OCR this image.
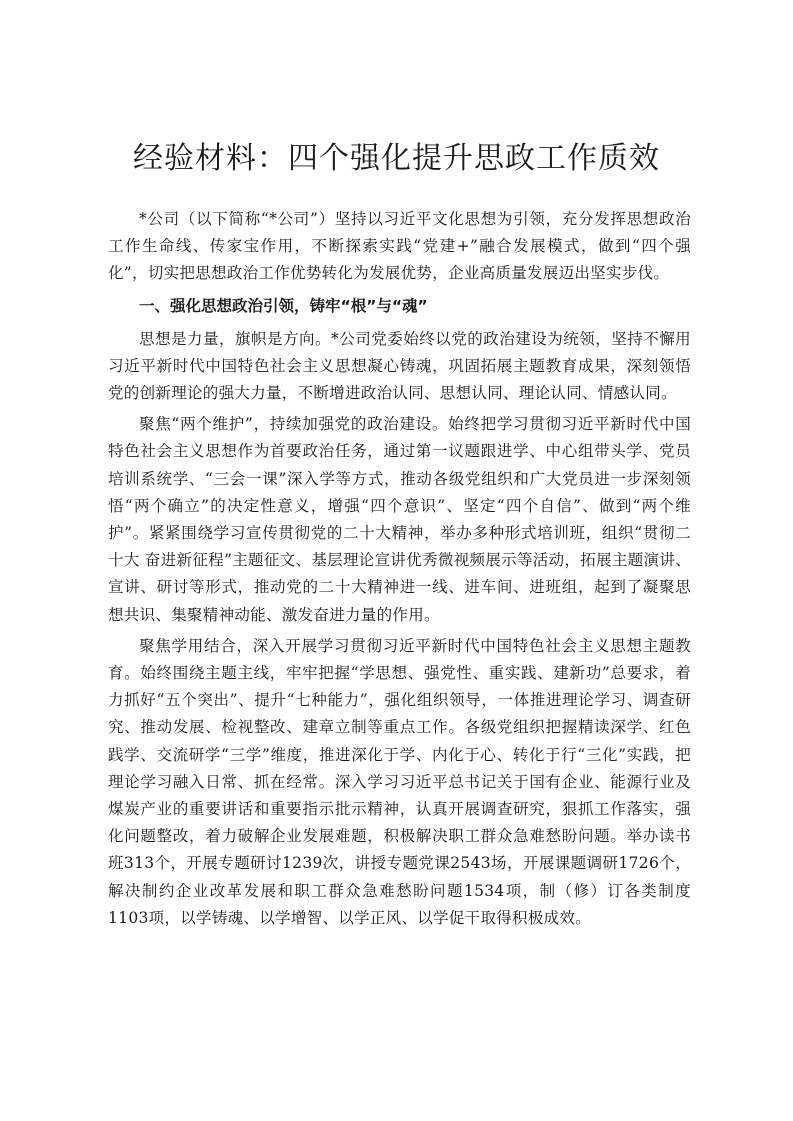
经验材料：四个强化提升思政工作质效

*公司（以下简称“*公司”）坚持以习近平文化思想为引领，充分发挥思想政治工作生命线、传家宝作用，不断探索实践“党建+”融合发展模式，做到“四个强化”，切实把思想政治工作优势转化为发展优势，企业高质量发展迈出坚实步伐。

一、强化思想政治引领，铸牢“根”与“魂”

思想是力量，旗帜是方向。*公司党委始终以党的政治建设为统领，坚持不懈用习近平新时代中国特色社会主义思想凝心铸魂，巩固拓展主题教育成果，深刻领悟党的创新理论的强大力量，不断增进政治认同、思想认同、理论认同、情感认同。

聚焦“两个维护”，持续加强党的政治建设。始终把学习贯彻习近平新时代中国特色社会主义思想作为首要政治任务，通过第一议题跟进学、中心组带头学、党员培训系统学、“三会一课”深入学等方式，推动各级党组织和广大党员进一步深刻领悟“两个确立”的决定性意义，增强“四个意识”、坚定“四个自信”、做到“两个维护”。紧紧围绕学习宣传贯彻党的二十大精神，举办多种形式培训班，组织“贯彻二十大 奋进新征程”主题征文、基层理论宣讲优秀微视频展示等活动，拓展主题演讲、宣讲、研讨等形式，推动党的二十大精神进一线、进车间、进班组，起到了凝聚思想共识、集聚精神动能、激发奋进力量的作用。

聚焦学用结合，深入开展学习贯彻习近平新时代中国特色社会主义思想主题教育。始终围绕主题主线，牢牢把握“学思想、强党性、重实践、建新功”总要求，着力抓好“五个突出”、提升“七种能力”，强化组织领导，一体推进理论学习、调查研究、推动发展、检视整改、建章立制等重点工作。各级党组织把握精读深学、红色践学、交流研学“三学”维度，推进深化于学、内化于心、转化于行“三化”实践，把理论学习融入日常、抓在经常。深入学习习近平总书记关于国有企业、能源行业及煤炭产业的重要讲话和重要指示批示精神，认真开展调查研究，狠抓工作落实，强化问题整改，着力破解企业发展难题，积极解决职工群众急难愁盼问题。举办读书班313个，开展专题研讨1239次，讲授专题党课2543场，开展课题调研1726个，解决制约企业改革发展和职工群众急难愁盼问题1534项，制（修）订各类制度1103项，以学铸魂、以学增智、以学正风、以学促干取得积极成效。
